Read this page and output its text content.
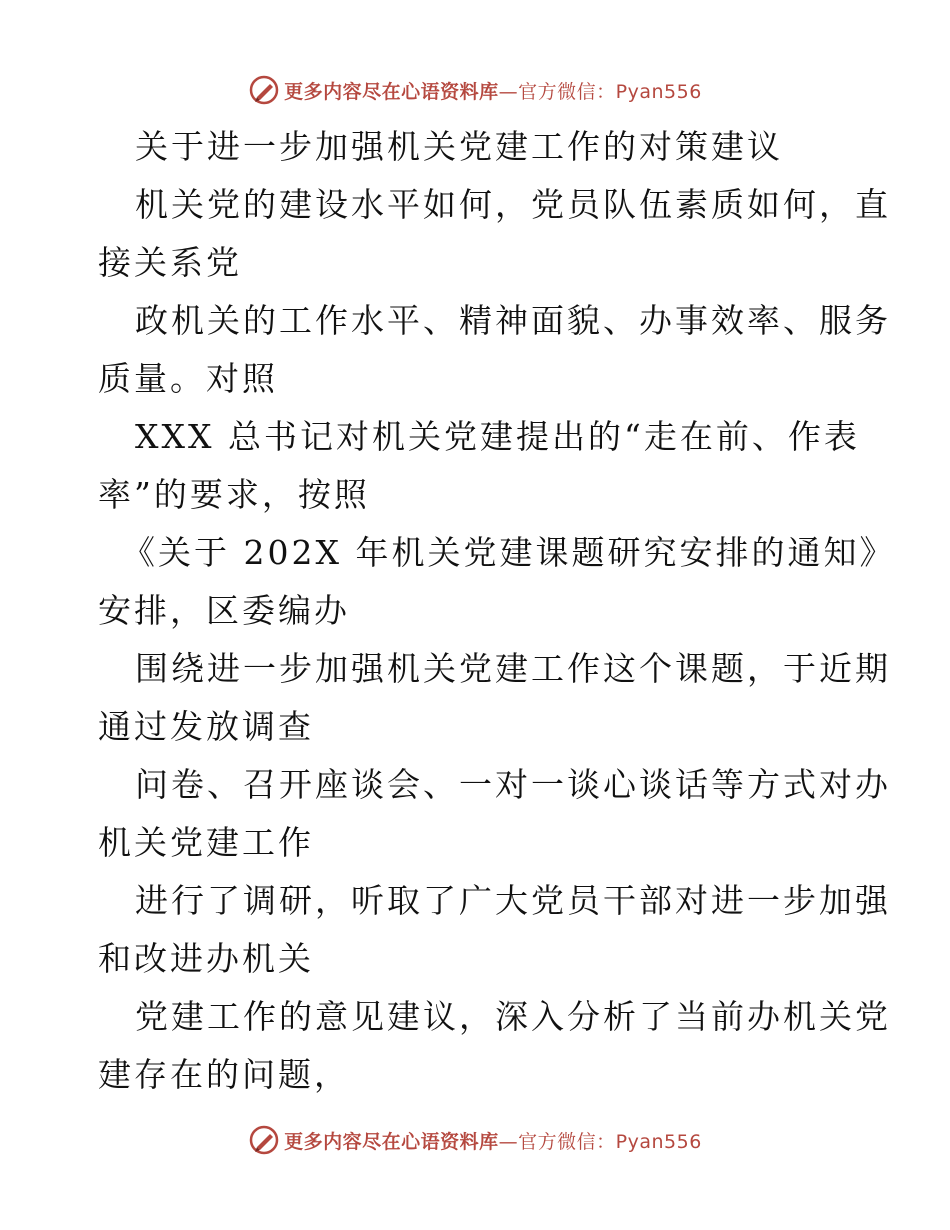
更多内容尽在心语资料库—官方微信：Pyan556
关于进一步加强机关党建工作的对策建议
机关党的建设水平如何，党员队伍素质如何，直
接关系党
政机关的工作水平、精神面貌、办事效率、服务
质量。对照
XXX 总书记对机关党建提出的“走在前、作表
率”的要求，按照
《关于 202X 年机关党建课题研究安排的通知》
安排，区委编办
围绕进一步加强机关党建工作这个课题，于近期
通过发放调查
问卷、召开座谈会、一对一谈心谈话等方式对办
机关党建工作
进行了调研，听取了广大党员干部对进一步加强
和改进办机关
党建工作的意见建议，深入分析了当前办机关党
建存在的问题，
更多内容尽在心语资料库—官方微信：Pyan556
